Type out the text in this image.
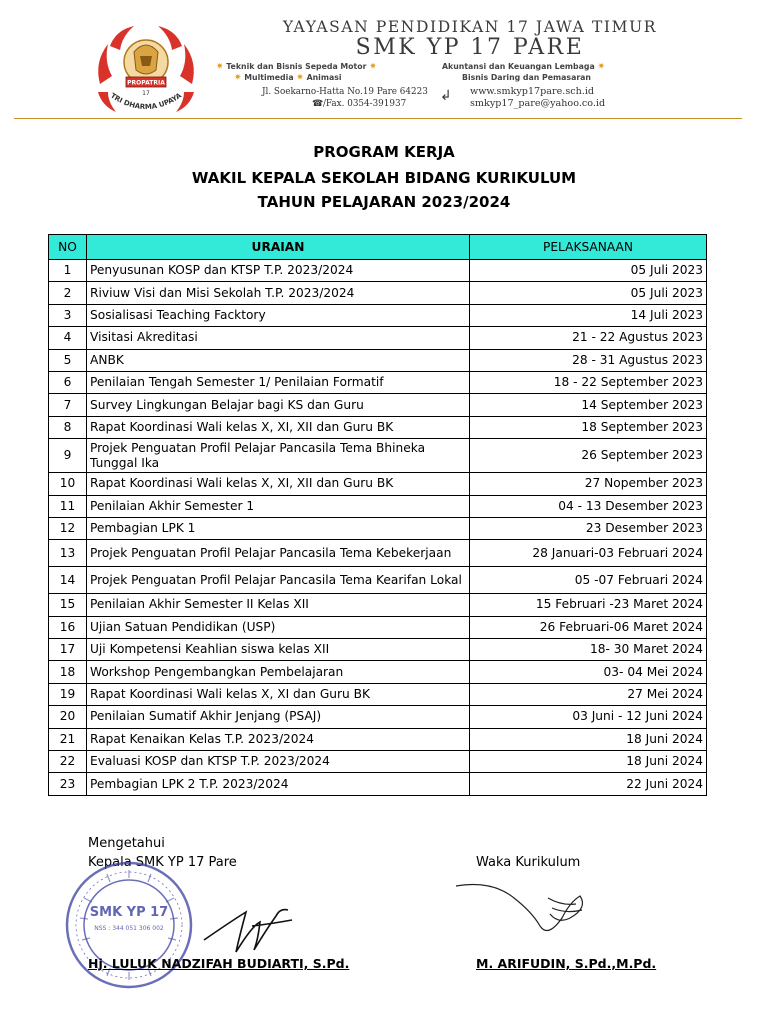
PROPATRIA
17
TRI DHARMA UPAYA
YAYASAN PENDIDIKAN 17 JAWA TIMUR
SMK YP 17 PARE
✷ Teknik dan Bisnis Sepeda Motor ✷
✷ Multimedia ✷ Animasi
Akuntansi dan Keuangan Lembaga ✷
Bisnis Daring dan Pemasaran
Jl. Soekarno-Hatta No.19 Pare 64223
☎/Fax. 0354-391937	↲ www.smkyp17pare.sch.id
smkyp17_pare@yahoo.co.id
PROGRAM KERJA
WAKIL KEPALA SEKOLAH BIDANG KURIKULUM
TAHUN PELAJARAN 2023/2024
NO	URAIAN	PELAKSANAAN
1	Penyusunan KOSP dan KTSP T.P. 2023/2024	05 Juli 2023
2	Riviuw Visi dan Misi Sekolah T.P. 2023/2024	05 Juli 2023
3	Sosialisasi Teaching Facktory	14 Juli 2023
4	Visitasi Akreditasi	21 - 22 Agustus 2023
5	ANBK	28 - 31 Agustus 2023
6	Penilaian Tengah Semester 1/ Penilaian Formatif	18 - 22 September 2023
7	Survey Lingkungan Belajar bagi KS dan Guru	14 September 2023
8	Rapat Koordinasi Wali kelas X, XI, XII dan Guru BK	18 September 2023
9	Projek Penguatan Profil Pelajar Pancasila Tema Bhineka Tunggal Ika	26 September 2023
10	Rapat Koordinasi Wali kelas X, XI, XII dan Guru BK	27 Nopember 2023
11	Penilaian Akhir Semester 1	04 - 13 Desember 2023
12	Pembagian LPK 1	23 Desember 2023
13	Projek Penguatan Profil Pelajar Pancasila Tema Kebekerjaan	28 Januari-03 Februari 2024
14	Projek Penguatan Profil Pelajar Pancasila Tema Kearifan Lokal	05 -07 Februari 2024
15	Penilaian Akhir Semester II Kelas XII	15 Februari -23 Maret 2024
16	Ujian Satuan Pendidikan (USP)	26 Februari-06 Maret 2024
17	Uji Kompetensi Keahlian siswa kelas XII	18- 30 Maret 2024
18	Workshop Pengembangkan Pembelajaran	03- 04 Mei 2024
19	Rapat Koordinasi Wali kelas X, XI dan Guru BK	27 Mei 2024
20	Penilaian Sumatif Akhir Jenjang (PSAJ)	03 Juni - 12 Juni 2024
21	Rapat Kenaikan Kelas T.P. 2023/2024	18 Juni 2024
22	Evaluasi KOSP dan KTSP T.P. 2023/2024	18 Juni 2024
23	Pembagian LPK 2 T.P. 2023/2024	22 Juni 2024
Mengetahui
Kepala SMK YP 17 Pare	Waka Kurikulum
SMK YP 17
NSS : 344 051 306 002
Hj. LULUK NADZIFAH BUDIARTI, S.Pd.	M. ARIFUDIN, S.Pd.,M.Pd.
